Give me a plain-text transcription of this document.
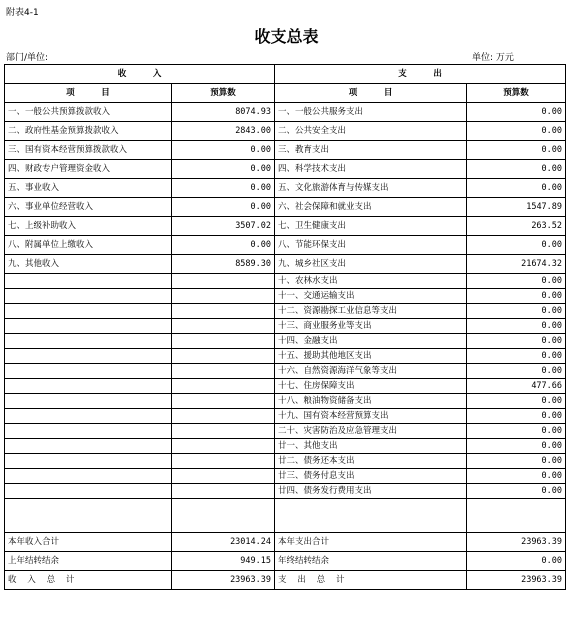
附表4-1
收支总表
部门/单位:	单位: 万元
收         入		支         出	
项         目	预算数	项         目	预算数
一、一般公共预算拨款收入	8074.93	一、一般公共服务支出	0.00
二、政府性基金预算拨款收入	2843.00	二、公共安全支出	0.00
三、国有资本经营预算拨款收入	0.00	三、教育支出	0.00
四、财政专户管理资金收入	0.00	四、科学技术支出	0.00
五、事业收入	0.00	五、文化旅游体育与传媒支出	0.00
六、事业单位经营收入	0.00	六、社会保障和就业支出	1547.89
七、上级补助收入	3507.02	七、卫生健康支出	263.52
八、附属单位上缴收入	0.00	八、节能环保支出	0.00
九、其他收入	8589.30	九、城乡社区支出	21674.32
		十、农林水支出	0.00
		十一、交通运输支出	0.00
		十二、资源勘探工业信息等支出	0.00
		十三、商业服务业等支出	0.00
		十四、金融支出	0.00
		十五、援助其他地区支出	0.00
		十六、自然资源海洋气象等支出	0.00
		十七、住房保障支出	477.66
		十八、粮油物资储备支出	0.00
		十九、国有资本经营预算支出	0.00
		二十、灾害防治及应急管理支出	0.00
		廿一、其他支出	0.00
		廿二、债务还本支出	0.00
		廿三、债务付息支出	0.00
		廿四、债务发行费用支出	0.00

本年收入合计	23014.24	本年支出合计	23963.39
上年结转结余	949.15	年终结转结余	0.00
收    入    总    计	23963.39	支    出    总    计	23963.39
